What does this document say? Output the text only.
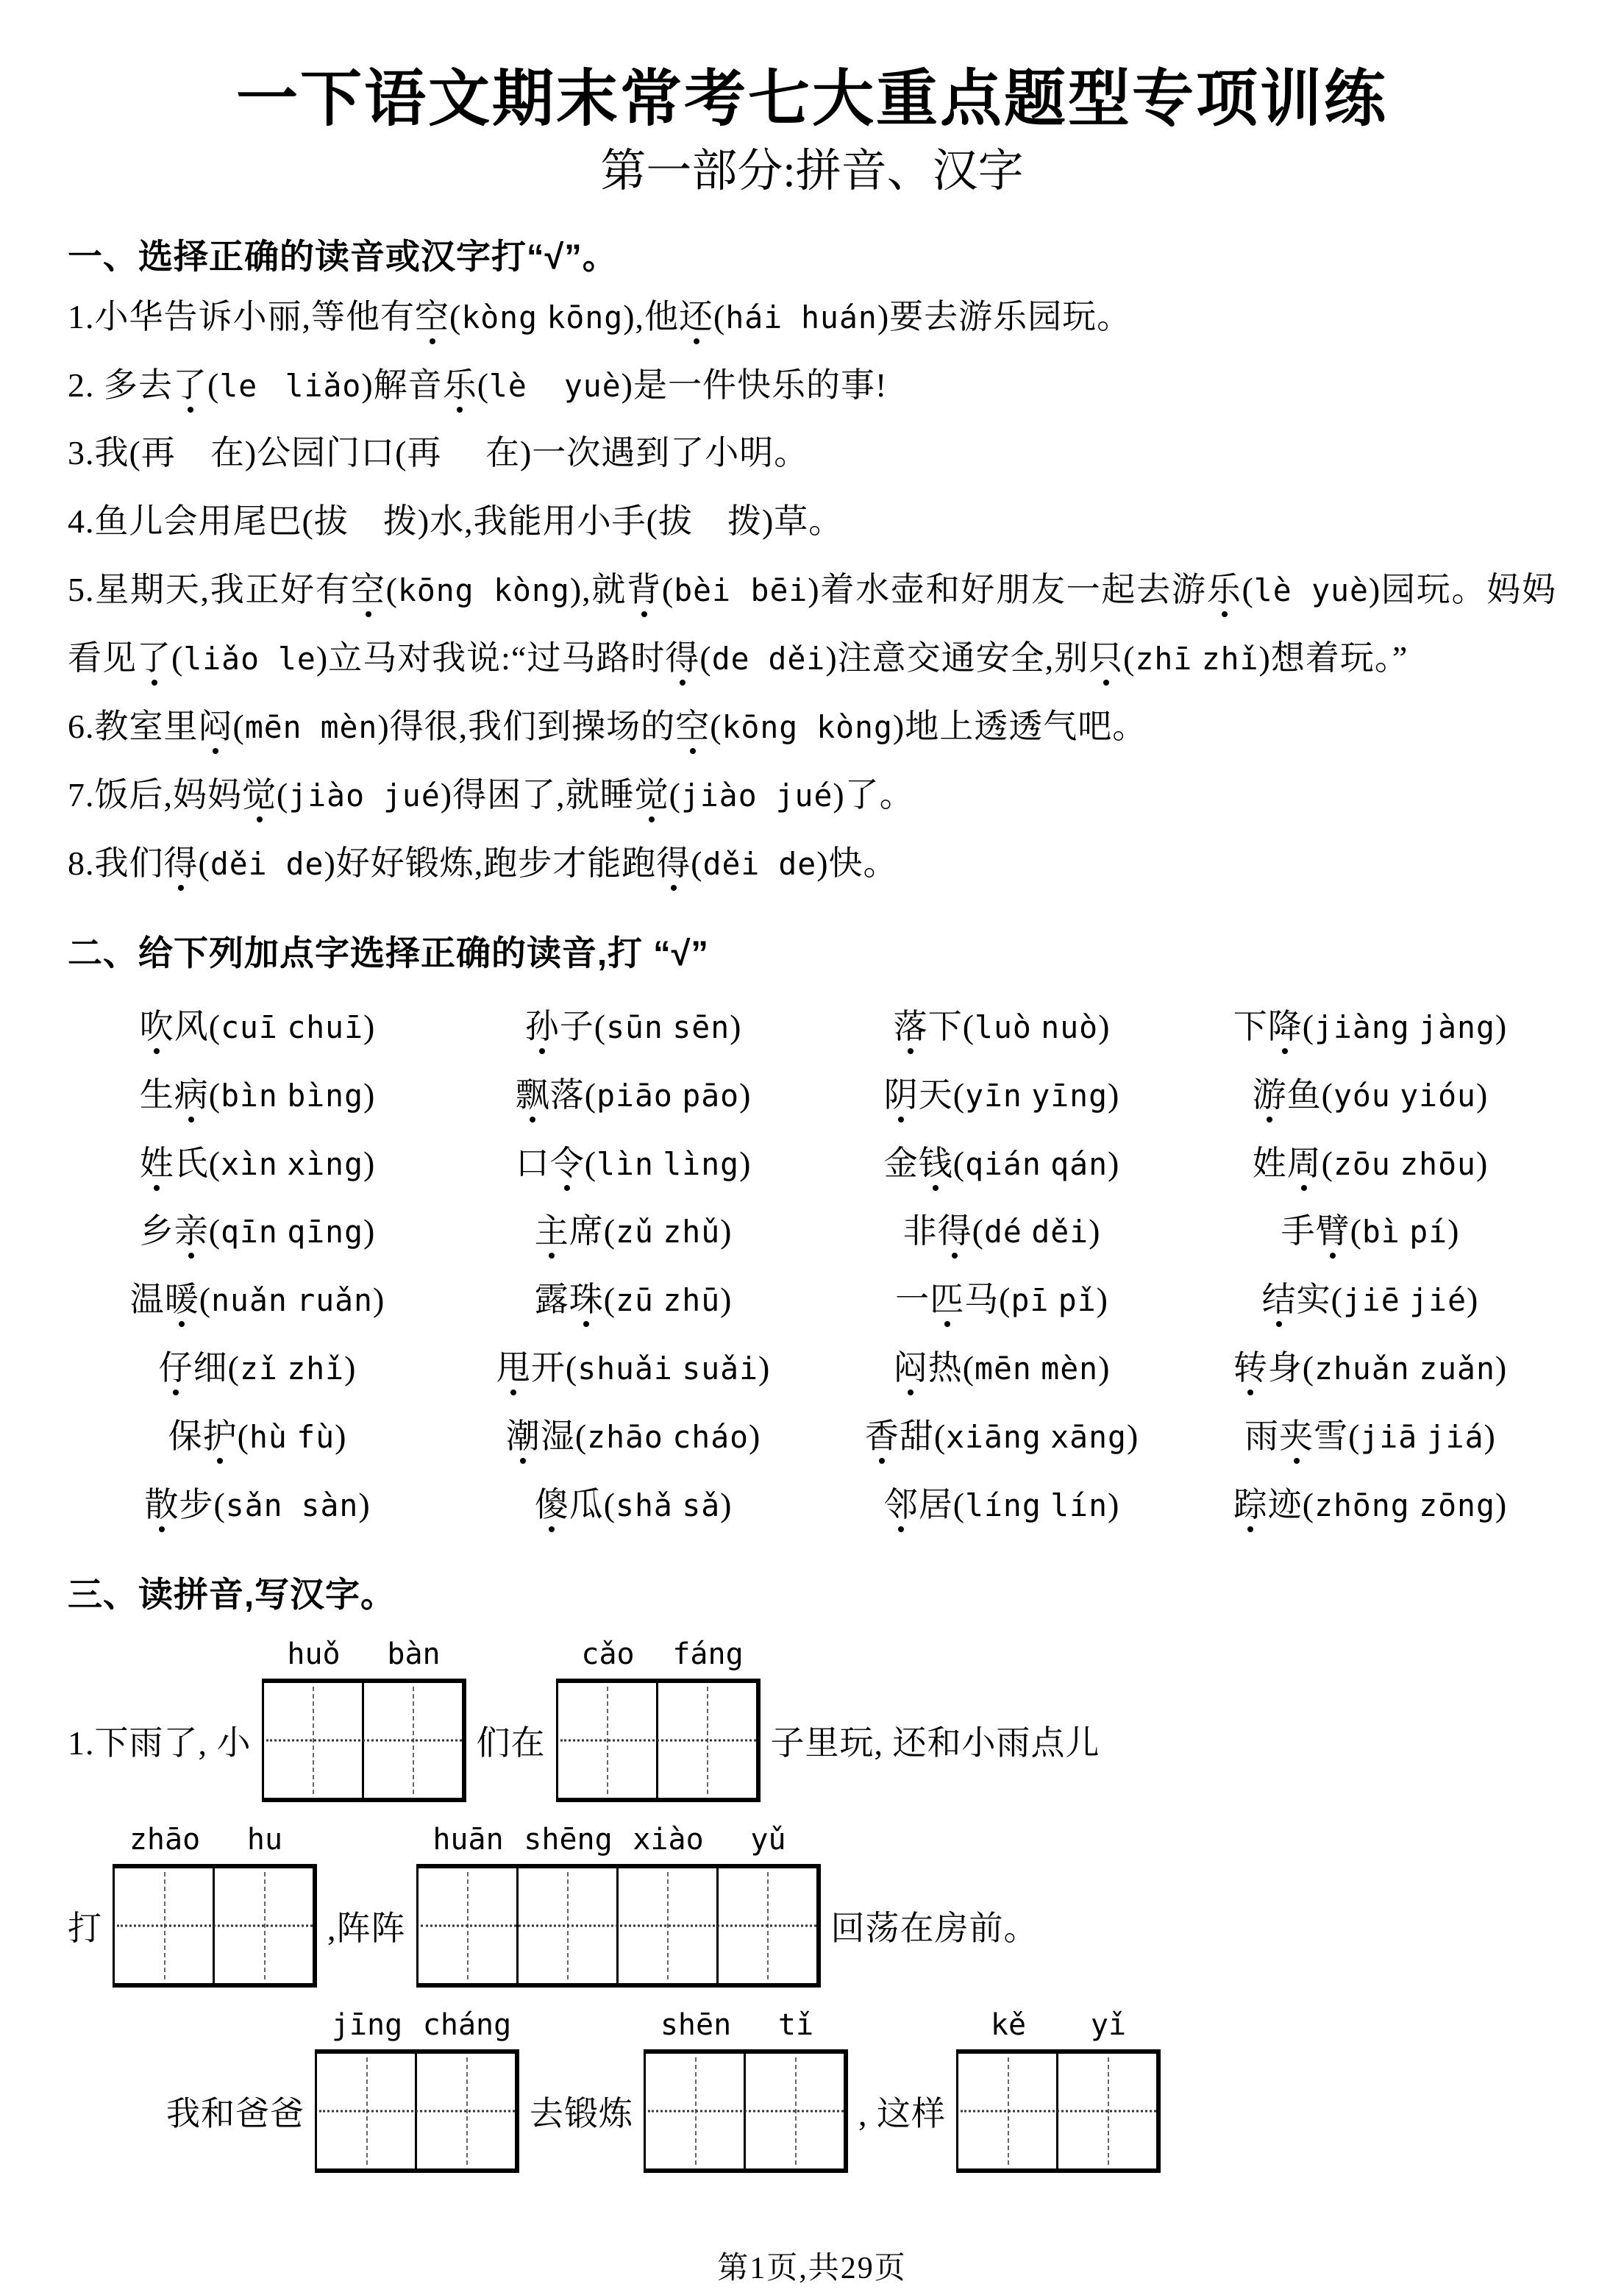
一下语文期末常考七大重点题型专项训练
第一部分:拼音、汉字
一、选择正确的读音或汉字打“√”。

1.小华告诉小丽,等他有空(kòng kōng),他还(hái huán)要去游乐园玩。

2. 多去了(le liǎo)解音乐(lè yuè)是一件快乐的事!

3.我(再　在)公园门口(再　 在)一次遇到了小明。

4.鱼儿会用尾巴(拔　拨)水,我能用小手(拔　拨)草。

5.星期天,我正好有空(kōng kòng),就背(bèi bēi)着水壶和好朋友一起去游乐(lè yuè)园玩。妈妈看见了(liǎo le)立马对我说:“过马路时得(de děi)注意交通安全,别只(zhī zhǐ)想着玩。”

6.教室里闷(mēn mèn)得很,我们到操场的空(kōng kòng)地上透透气吧。

7.饭后,妈妈觉(jiào jué)得困了,就睡觉(jiào jué)了。

8.我们得(děi de)好好锻炼,跑步才能跑得(děi de)快。

二、给下列加点字选择正确的读音,打 “√”
吹风(cuī chuī)	孙子(sūn sēn)	落下(luò nuò)	下降(jiàng jàng)
生病(bìn bìng)	飘落(piāo pāo)	阴天(yīn yīng)	游鱼(yóu yióu)
姓氏(xìn xìng)	口令(lìn lìng)	金钱(qián qán)	姓周(zōu zhōu)
乡亲(qīn qīng)	主席(zǔ zhǔ)	非得(dé děi)	手臂(bì pí)
温暖(nuǎn ruǎn)	露珠(zū zhū)	一匹马(pī pǐ)	结实(jiē jié)
仔细(zǐ zhǐ)	甩开(shuǎi suǎi)	闷热(mēn mèn)	转身(zhuǎn zuǎn)
保护(hù fù)	潮湿(zhāo cháo)	香甜(xiāng xāng)	雨夹雪(jiā jiá)
散步(sǎn sàn)	傻瓜(shǎ sǎ)	邻居(líng lín)	踪迹(zhōng zōng)
三、读拼音,写汉字。
1.下雨了, 小
huǒ	bàn
们在
cǎo	fáng
子里玩, 还和小雨点儿
打
zhāo	hu
,阵阵
huān shēng xiào	yǔ
回荡在房前。
我和爸爸
jīng cháng
去锻炼
shēn	tǐ
, 这样
kě	yǐ
第1页,共29页
